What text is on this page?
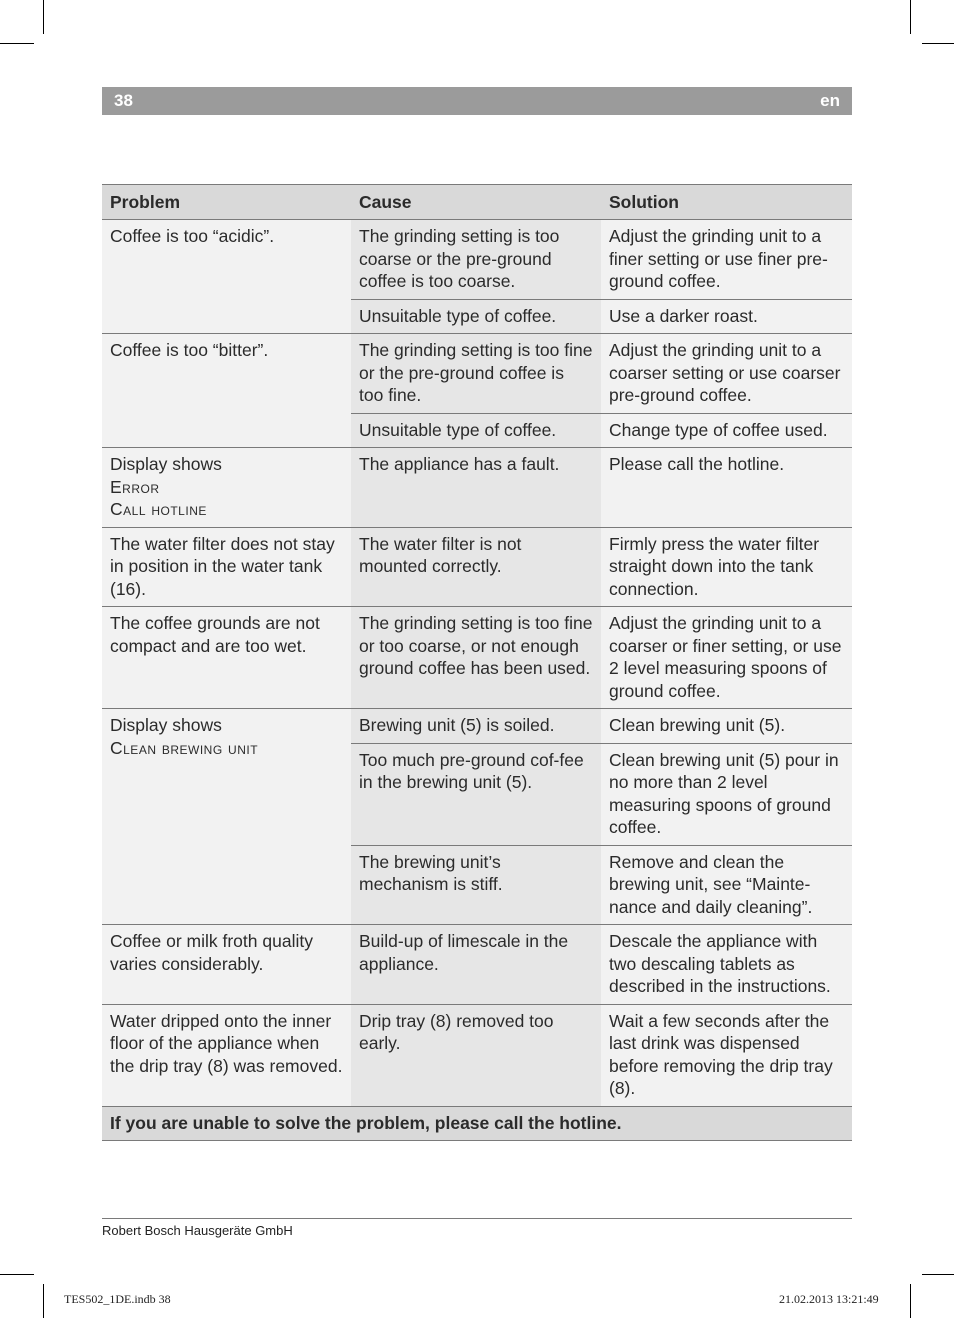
38	en
Problem	Cause	Solution

Coffee is too “acidic”.	The grinding setting is too coarse or the pre-ground coffee is too coarse.	Adjust the grinding unit to a finer setting or use finer pre-ground coffee.
	Unsuitable type of coffee.	Use a darker roast.

Coffee is too “bitter”.	The grinding setting is too fine or the pre-ground coffee is too fine.	Adjust the grinding unit to a coarser setting or use coarser pre-ground coffee.
	Unsuitable type of coffee.	Change type of coffee used.

Display shows
Error
Call hotline	The appliance has a fault.	Please call the hotline.

The water filter does not stay in position in the water tank (16).	The water filter is not mounted correctly.	Firmly press the water filter straight down into the tank connection.

The coffee grounds are not compact and are too wet.	The grinding setting is too fine or too coarse, or not enough ground coffee has been used.	Adjust the grinding unit to a coarser or finer setting, or use 2 level measuring spoons of ground coffee.

Display shows
Clean brewing unit	Brewing unit (5) is soiled.	Clean brewing unit (5).
	Too much pre-ground cof-fee in the brewing unit (5).	Clean brewing unit (5) pour in no more than 2 level measuring spoons of ground coffee.
	The brewing unit’s mechanism is stiff.	Remove and clean the brewing unit, see “Mainte-nance and daily cleaning”.

Coffee or milk froth quality varies considerably.	Build-up of limescale in the appliance.	Descale the appliance with two descaling tablets as described in the instructions.

Water dripped onto the inner floor of the appliance when the drip tray (8) was removed.	Drip tray (8) removed too early.	Wait a few seconds after the last drink was dispensed before removing the drip tray (8).
If you are unable to solve the problem, please call the hotline.		
Robert Bosch Hausgeräte GmbH
TES502_1DE.indb 38	21.02.2013 13:21:49
